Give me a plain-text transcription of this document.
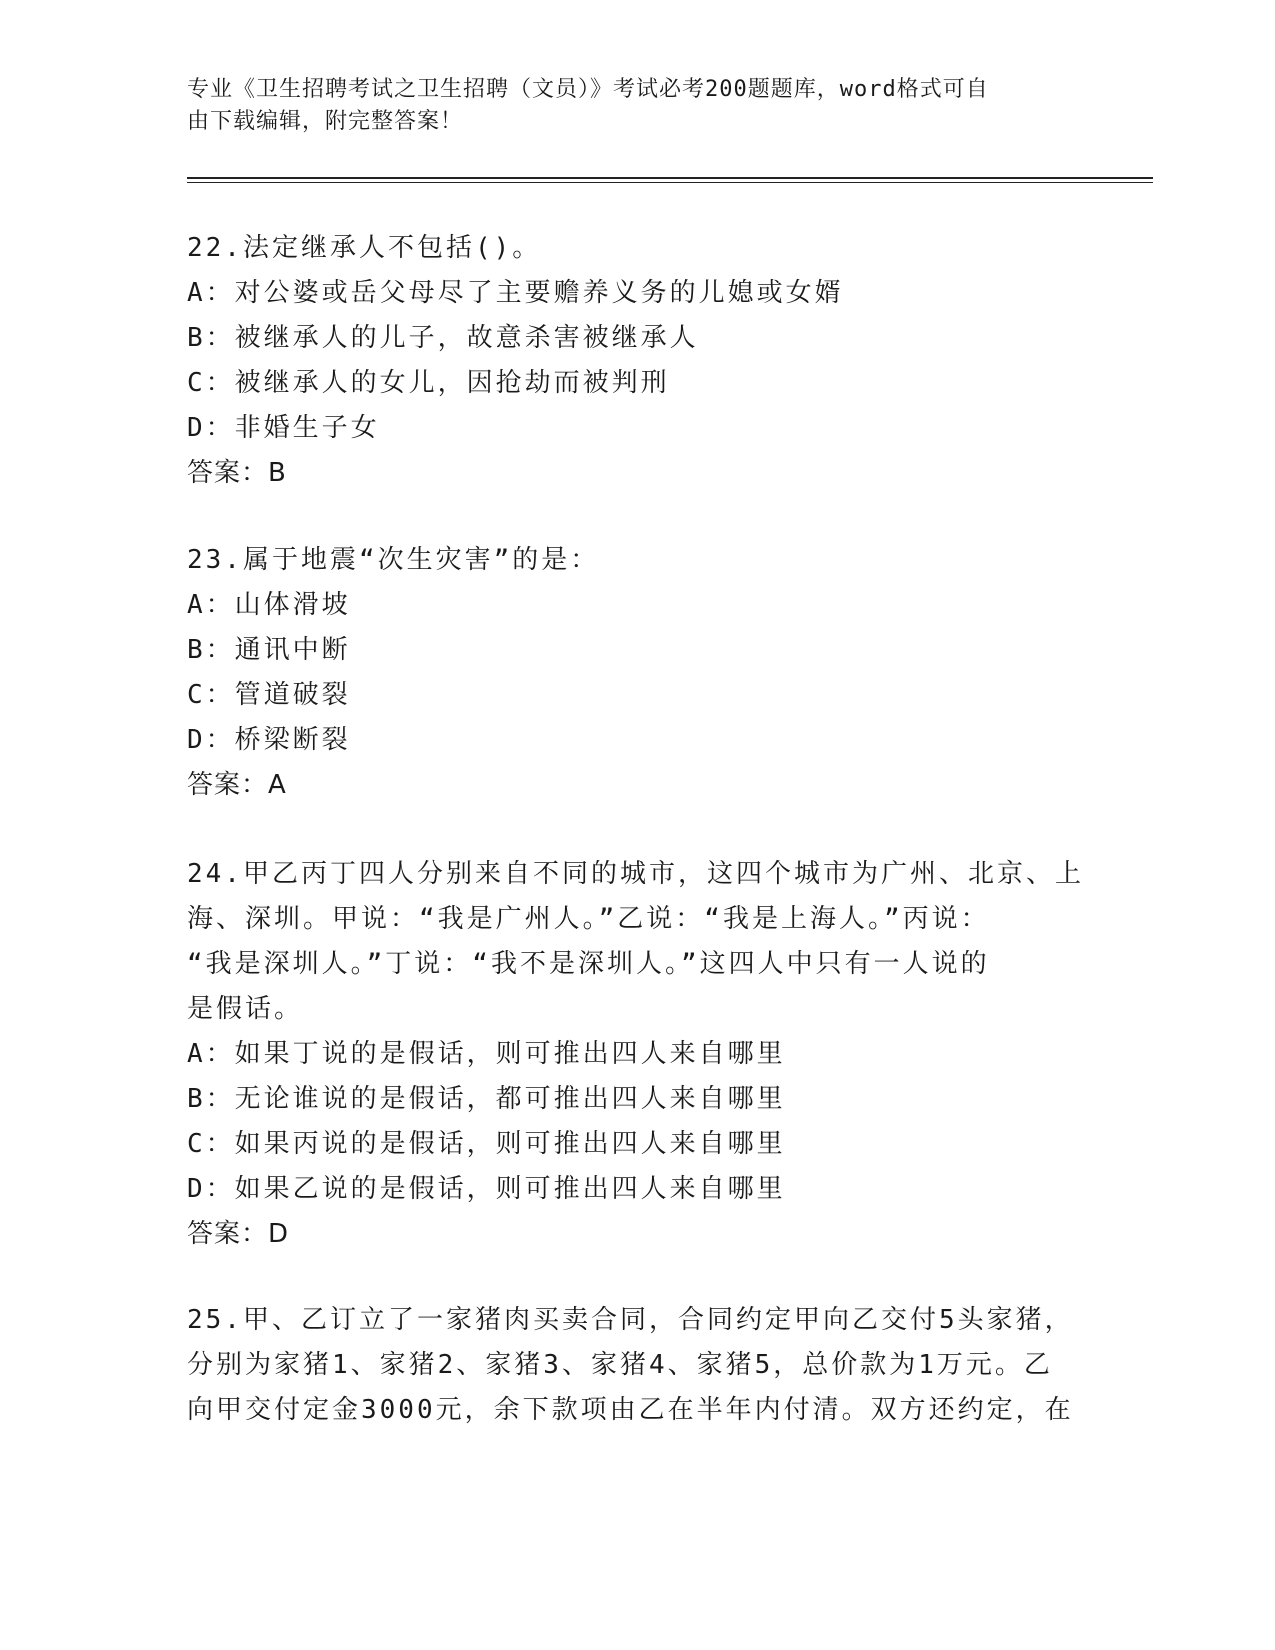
专业《卫生招聘考试之卫生招聘（文员）》考试必考200题题库，word格式可自
由下载编辑，附完整答案！
22.法定继承人不包括()。
A：对公婆或岳父母尽了主要赡养义务的儿媳或女婿
B：被继承人的儿子，故意杀害被继承人
C：被继承人的女儿，因抢劫而被判刑
D：非婚生子女
答案：B
23.属于地震“次生灾害”的是：
A：山体滑坡
B：通讯中断
C：管道破裂
D：桥梁断裂
答案：A
24.甲乙丙丁四人分别来自不同的城市，这四个城市为广州、北京、上
海、深圳。甲说：“我是广州人。”乙说：“我是上海人。”丙说：
“我是深圳人。”丁说：“我不是深圳人。”这四人中只有一人说的
是假话。
A：如果丁说的是假话，则可推出四人来自哪里
B：无论谁说的是假话，都可推出四人来自哪里
C：如果丙说的是假话，则可推出四人来自哪里
D：如果乙说的是假话，则可推出四人来自哪里
答案：D
25.甲、乙订立了一家猪肉买卖合同，合同约定甲向乙交付5头家猪，
分别为家猪1、家猪2、家猪3、家猪4、家猪5，总价款为1万元。乙
向甲交付定金3000元，余下款项由乙在半年内付清。双方还约定，在
